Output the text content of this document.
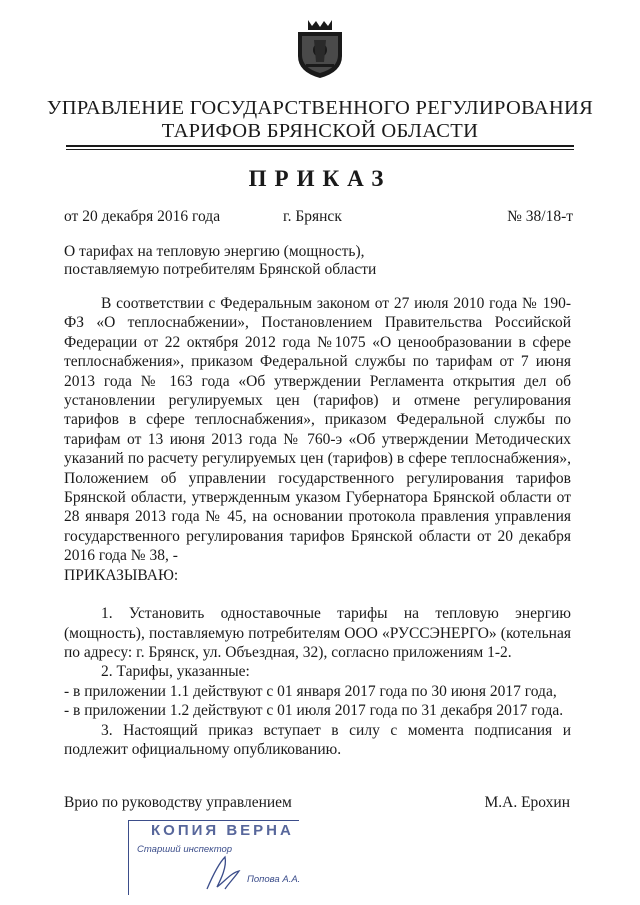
УПРАВЛЕНИЕ ГОСУДАРСТВЕННОГО РЕГУЛИРОВАНИЯ
ТАРИФОВ БРЯНСКОЙ ОБЛАСТИ
ПРИКАЗ
от 20 декабря 2016 года	г. Брянск	№ 38/18-т
О тарифах на тепловую энергию (мощность),
поставляемую потребителям Брянской области

В соответствии с Федеральным законом от 27 июля 2010 года № 190-ФЗ «О теплоснабжении», Постановлением Правительства Российской Федерации от 22 октября 2012 года №1075 «О ценообразовании в сфере теплоснабжения», приказом Федеральной службы по тарифам от 7 июня 2013 года № 163 года «Об утверждении Регламента открытия дел об установлении регулируемых цен (тарифов) и отмене регулирования тарифов в сфере теплоснабжения», приказом Федеральной службы по тарифам от 13 июня 2013 года № 760-э «Об утверждении Методических указаний по расчету регулируемых цен (тарифов) в сфере теплоснабжения», Положением об управлении государственного регулирования тарифов Брянской области, утвержденным указом Губернатора Брянской области от 28 января 2013 года № 45, на основании протокола правления управления государственного регулирования тарифов Брянской области от 20 декабря 2016 года № 38, -

ПРИКАЗЫВАЮ:

1. Установить одноставочные тарифы на тепловую энергию (мощность), поставляемую потребителям ООО «РУССЭНЕРГО» (котельная по адресу: г. Брянск, ул. Объездная, 32), согласно приложениям 1-2.

2. Тарифы, указанные:

- в приложении 1.1 действуют с 01 января 2017 года по 30 июня 2017 года,

- в приложении 1.2 действуют с 01 июля 2017 года по 31 декабря 2017 года.

3. Настоящий приказ вступает в силу с момента подписания и подлежит официальному опубликованию.

Врио по руководству управлением	М.А. Ерохин
КОПИЯ ВЕРНА
Старший инспектор
Попова А.А.
